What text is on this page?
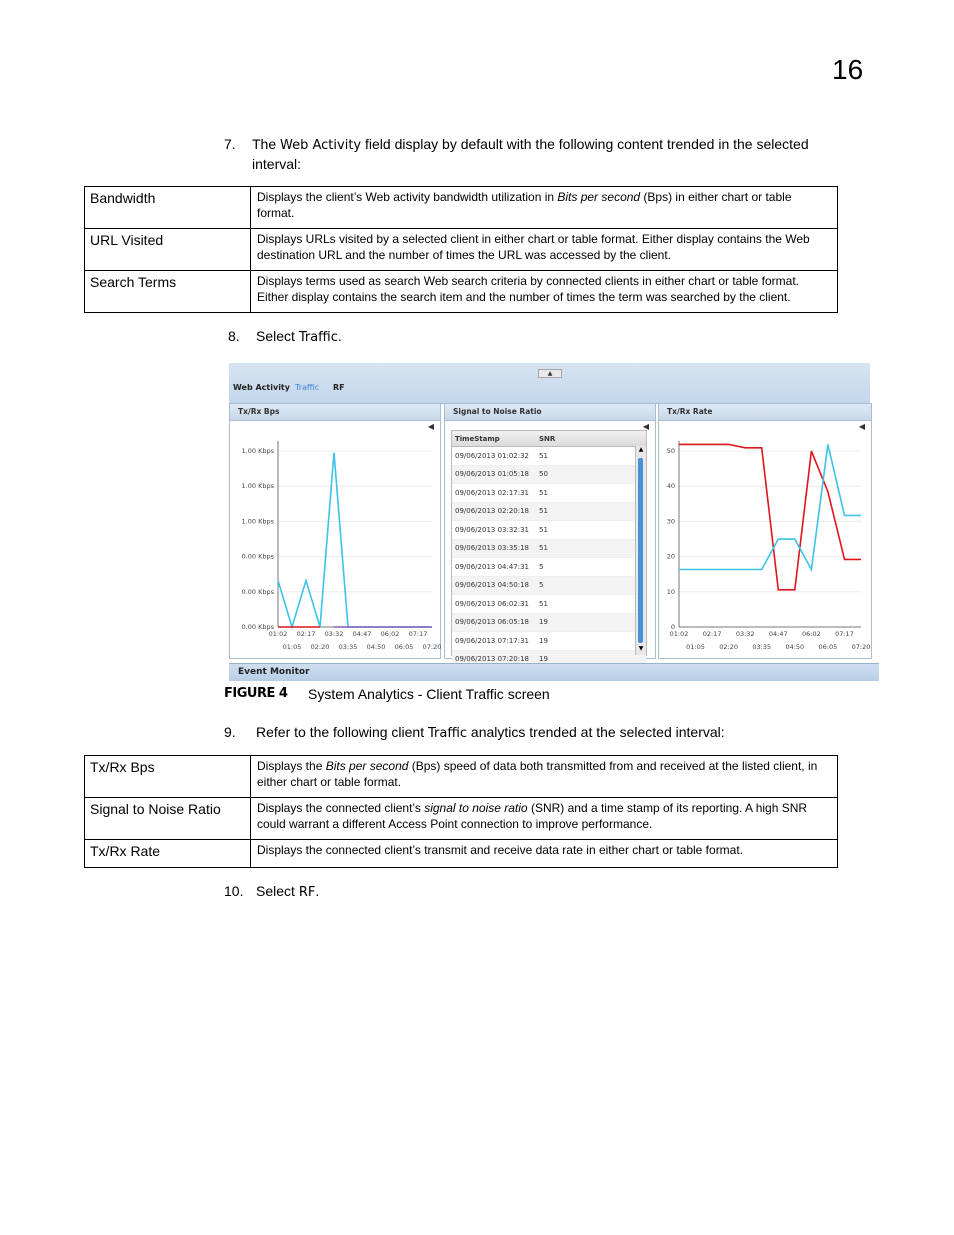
16
7. The Web Activity field display by default with the following content trended in the selected interval:
Bandwidth	Displays the client’s Web activity bandwidth utilization in Bits per second (Bps) in either chart or table format.
URL Visited	Displays URLs visited by a selected client in either chart or table format. Either display contains the Web destination URL and the number of times the URL was accessed by the client.
Search Terms	Displays terms used as search Web search criteria by connected clients in either chart or table format. Either display contains the search item and the number of times the term was searched by the client.
8. Select Traffic.
▲
Web Activity Traffic RF
Tx/Rx Bps
◀
1.00 Kbps
1.00 Kbps
1.00 Kbps
0.00 Kbps
0.00 Kbps
0.00 Kbps
01:02 02:17 03:32 04:47 06:02 07:17
01:05 02:20 03:35 04:50 06:05 07:20
Signal to Noise Ratio
◀
TimeStamp	SNR
09/06/2013 01:02:32	51
09/06/2013 01:05:18	50
09/06/2013 02:17:31	51
09/06/2013 02:20:18	51
09/06/2013 03:32:31	51
09/06/2013 03:35:18	51
09/06/2013 04:47:31	5
09/06/2013 04:50:18	5
09/06/2013 06:02:31	51
09/06/2013 06:05:18	19
09/06/2013 07:17:31	19
09/06/2013 07:20:18	19
▲
▼
Tx/Rx Rate
◀
50
40
30
20
10
0
01:02 02:17 03:32 04:47 06:02 07:17
01:05 02:20 03:35 04:50 06:05 07:20
Event Monitor
FIGURE 4 System Analytics - Client Traffic screen
9. Refer to the following client Traffic analytics trended at the selected interval:
Tx/Rx Bps	Displays the Bits per second (Bps) speed of data both transmitted from and received at the listed client, in either chart or table format.
Signal to Noise Ratio	Displays the connected client’s signal to noise ratio (SNR) and a time stamp of its reporting. A high SNR could warrant a different Access Point connection to improve performance.
Tx/Rx Rate	Displays the connected client’s transmit and receive data rate in either chart or table format.
10. Select RF.
